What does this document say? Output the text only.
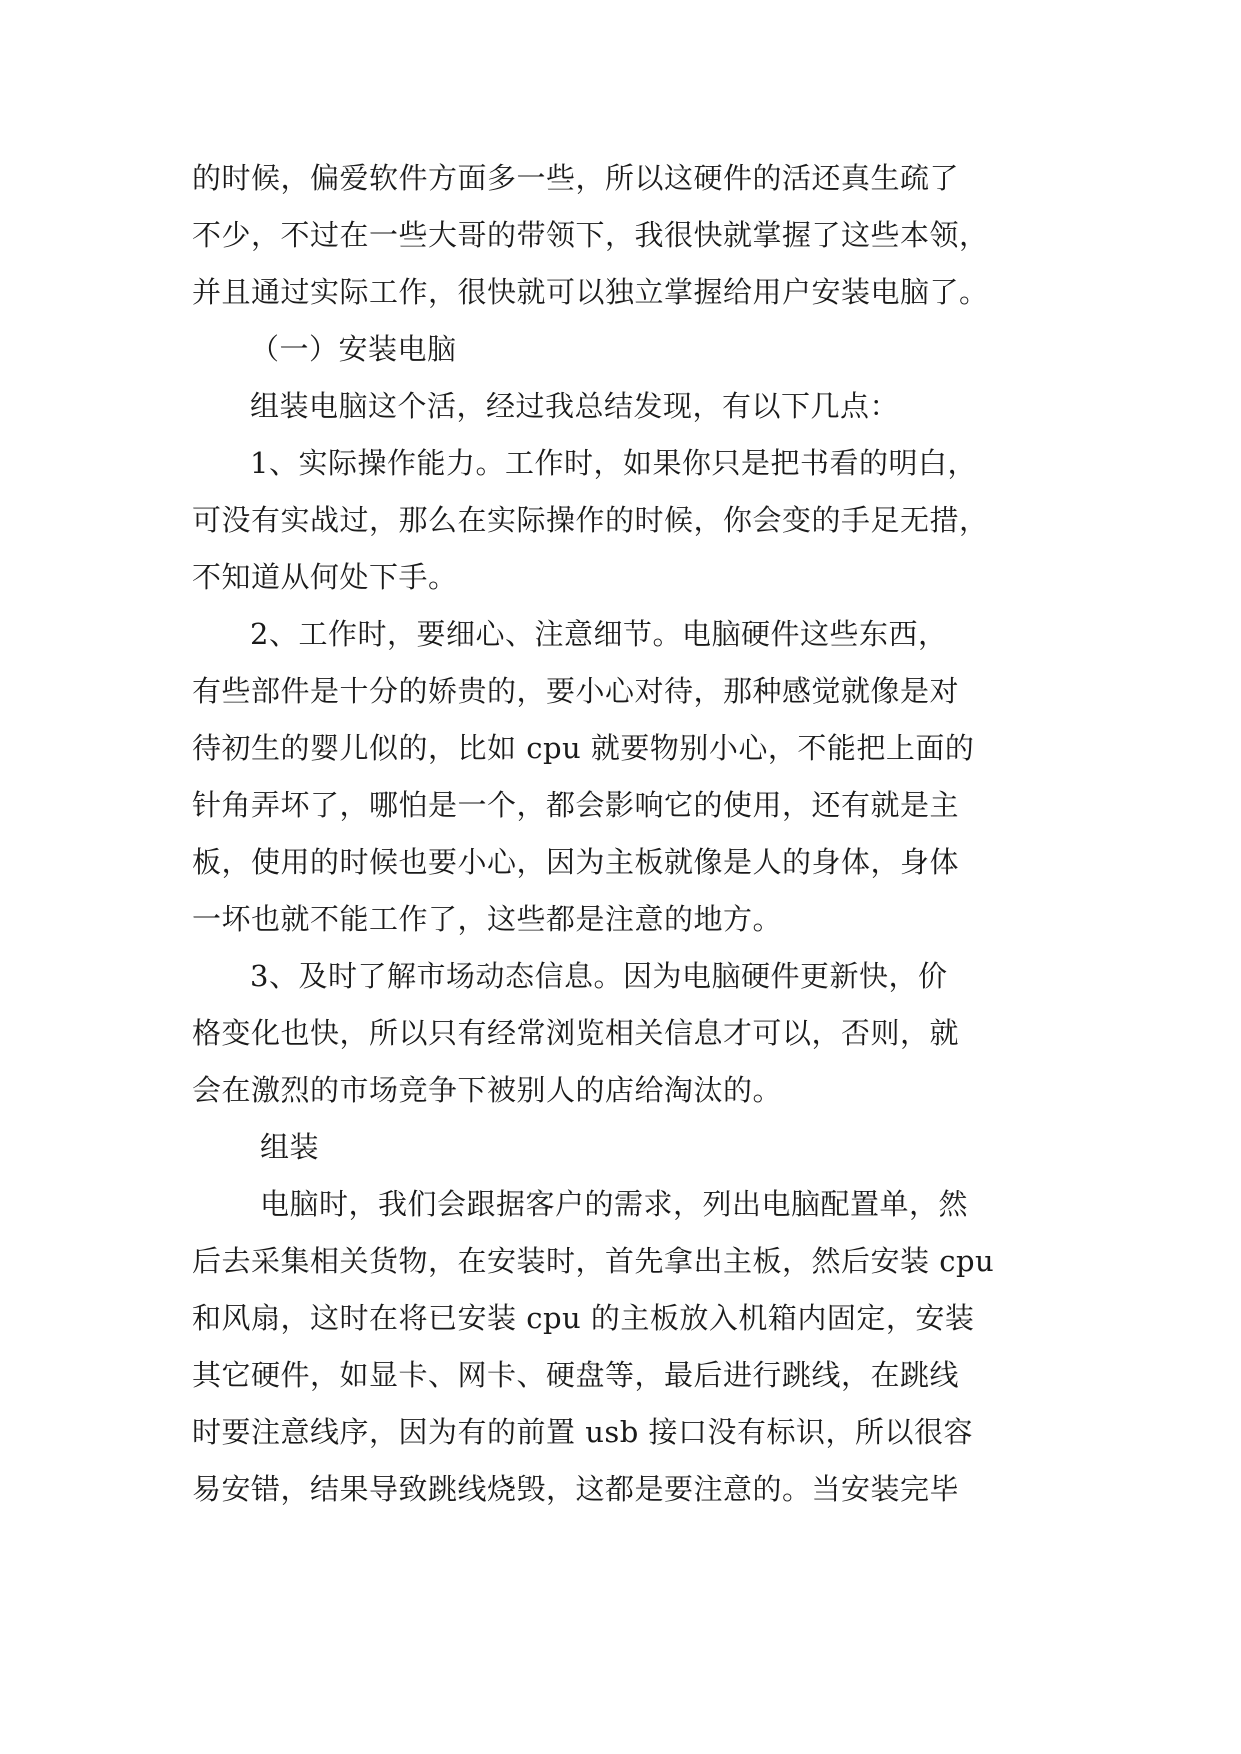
的时候，偏爱软件方面多一些，所以这硬件的活还真生疏了
不少，不过在一些大哥的带领下，我很快就掌握了这些本领，
并且通过实际工作，很快就可以独立掌握给用户安装电脑了。
（一）安装电脑
组装电脑这个活，经过我总结发现，有以下几点：
1、实际操作能力。工作时，如果你只是把书看的明白，
可没有实战过，那么在实际操作的时候，你会变的手足无措，
不知道从何处下手。
2、工作时，要细心、注意细节。电脑硬件这些东西，
有些部件是十分的娇贵的，要小心对待，那种感觉就像是对
待初生的婴儿似的，比如 cpu 就要物别小心，不能把上面的
针角弄坏了，哪怕是一个，都会影响它的使用，还有就是主
板，使用的时候也要小心，因为主板就像是人的身体，身体
一坏也就不能工作了，这些都是注意的地方。
3、及时了解市场动态信息。因为电脑硬件更新快，价
格变化也快，所以只有经常浏览相关信息才可以，否则，就
会在激烈的市场竞争下被别人的店给淘汰的。
组装
电脑时，我们会跟据客户的需求，列出电脑配置单，然
后去采集相关货物，在安装时，首先拿出主板，然后安装 cpu
和风扇，这时在将已安装 cpu 的主板放入机箱内固定，安装
其它硬件，如显卡、网卡、硬盘等，最后进行跳线，在跳线
时要注意线序，因为有的前置 usb 接口没有标识，所以很容
易安错，结果导致跳线烧毁，这都是要注意的。当安装完毕
